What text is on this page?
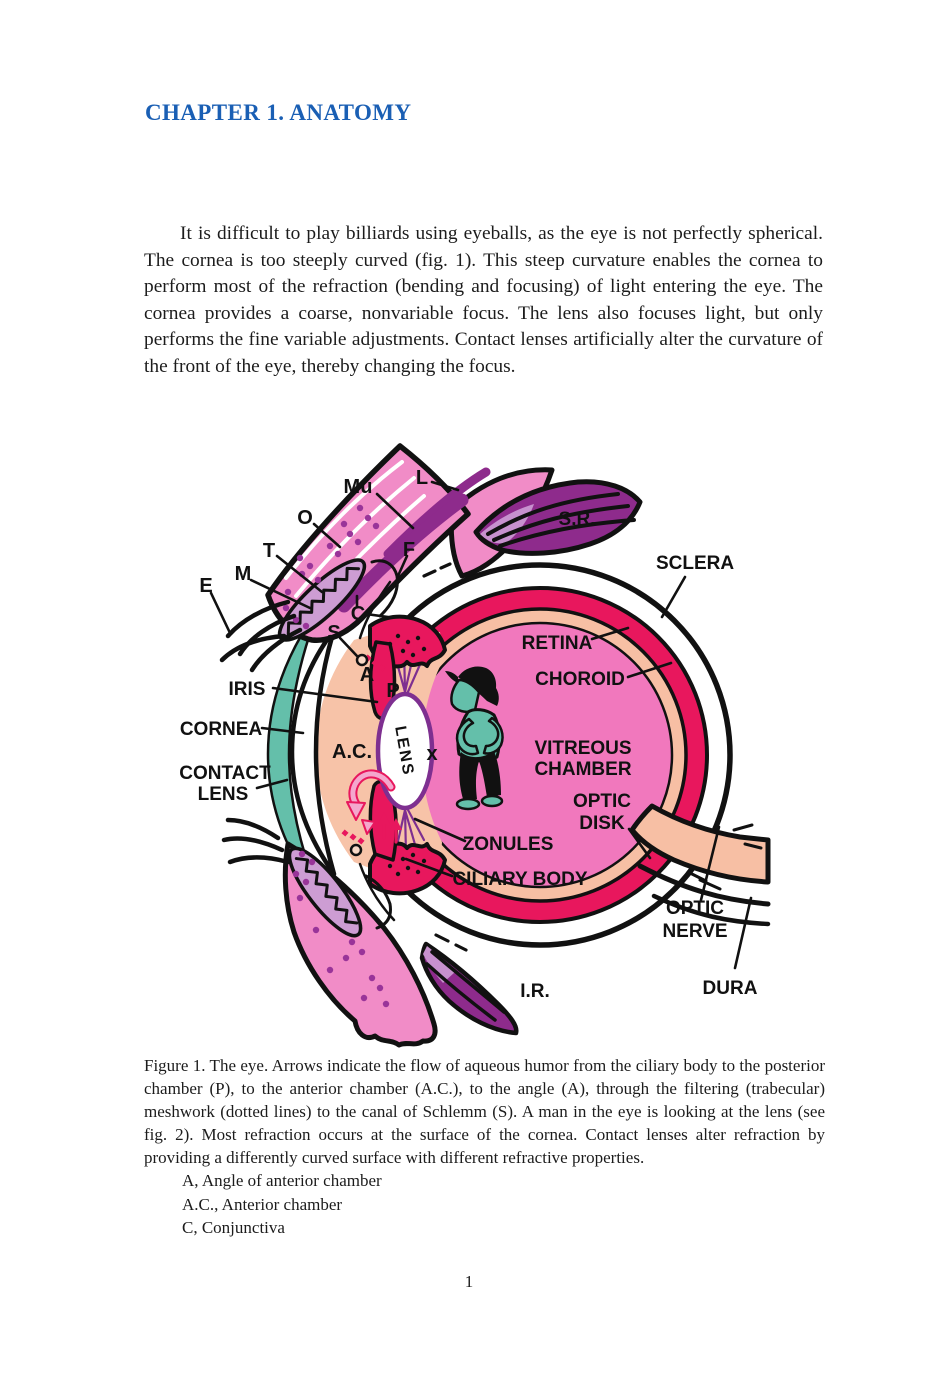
CHAPTER 1. ANATOMY
It is difficult to play billiards using eyeballs, as the eye is not perfectly spherical. The cornea is too steeply curved (fig. 1). This steep curvature enables the cornea to perform most of the refraction (bending and focusing) of light entering the eye. The cornea provides a coarse, nonvariable focus. The lens also focuses light, but only performs the fine variable adjustments. Contact lenses artificially alter the curvature of the front of the eye, thereby changing the focus.
Mu L
O
T
M
E
F
C
S
S.R.
SCLERA
RETINA
CHOROID
IRIS
CORNEA
CONTACT
LENS
A.C.
A
P
LENS x	VITREOUS
CHAMBER
OPTIC
DISK
ZONULES
CILIARY BODY
OPTIC
NERVE
I.R.	DURA
Figure 1. The eye. Arrows indicate the flow of aqueous humor from the ciliary body to the posterior chamber (P), to the anterior chamber (A.C.), to the angle (A), through the filtering (trabecular) meshwork (dotted lines) to the canal of Schlemm (S). A man in the eye is looking at the lens (see fig. 2). Most refraction occurs at the surface of the cornea. Contact lenses alter refraction by providing a differently curved surface with different refractive properties.
A, Angle of anterior chamber
A.C., Anterior chamber
C, Conjunctiva
1
